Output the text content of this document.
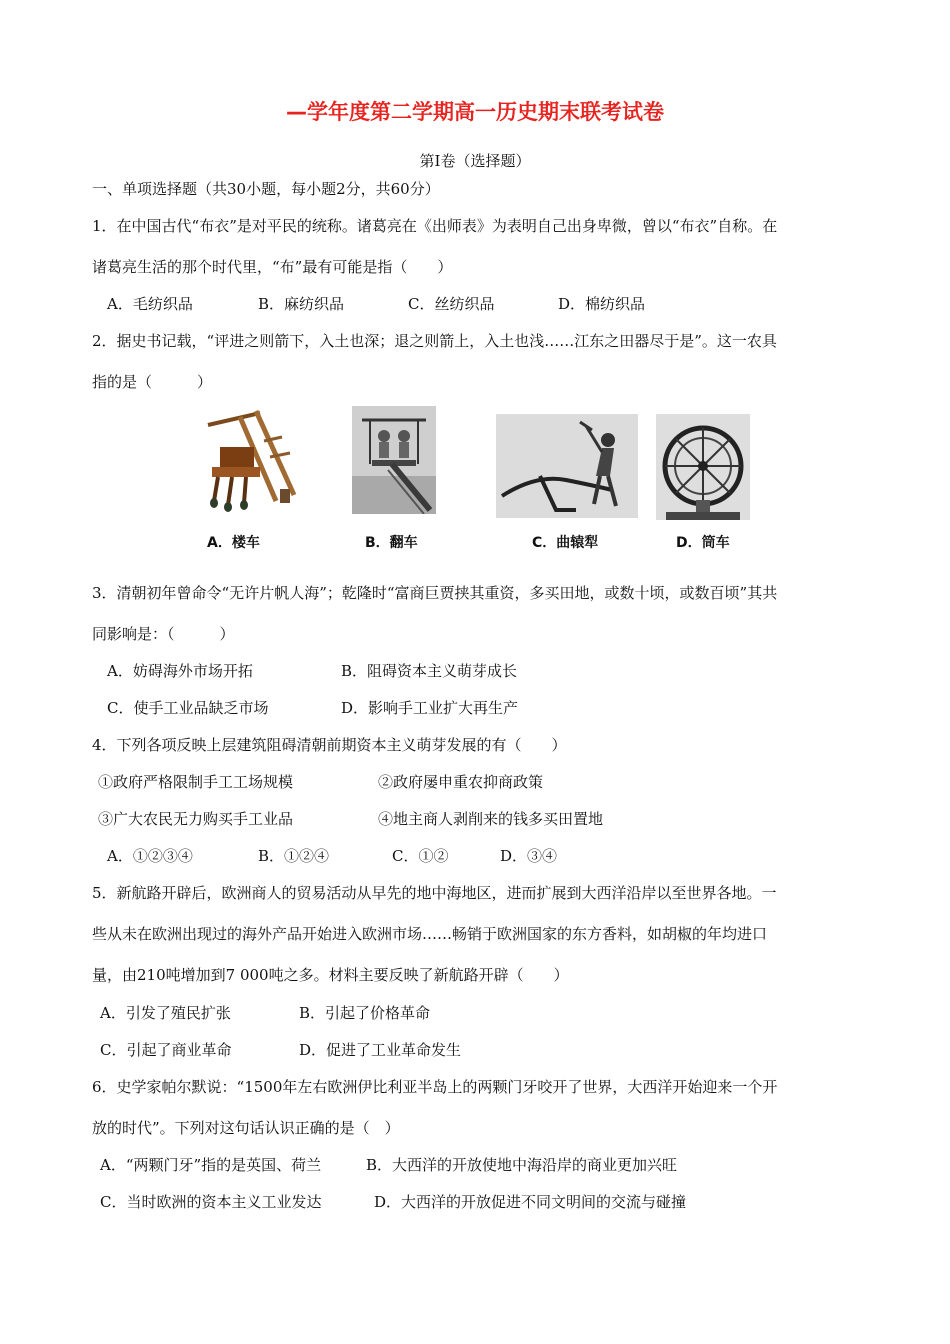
—学年度第二学期高一历史期末联考试卷
第Ⅰ卷（选择题）
一、单项选择题（共30小题，每小题2分，共60分）
1．在中国古代“布衣”是对平民的统称。诸葛亮在《出师表》为表明自己出身卑微，曾以“布衣”自称。在
诸葛亮生活的那个时代里，“布”最有可能是指（　　）
A．毛纺织品	B．麻纺织品	C．丝纺织品	D．棉纺织品
2．据史书记载，“评进之则箭下，入土也深；退之则箭上，入土也浅……江东之田器尽于是”。这一农具
指的是（　　　）
A．楼车	B．翻车	C．曲辕犁	D．筒车
3．清朝初年曾命令“无许片帆人海”；乾隆时“富商巨贾挟其重资，多买田地，或数十顷，或数百顷”其共
同影响是：（　　　）
A．妨碍海外市场开拓	B．阻碍资本主义萌芽成长
C．使手工业品缺乏市场	D．影响手工业扩大再生产
4．下列各项反映上层建筑阻碍清朝前期资本主义萌芽发展的有（　　）
①政府严格限制手工工场规模	②政府屡申重农抑商政策
③广大农民无力购买手工业品	④地主商人剥削来的钱多买田置地
A．①②③④	B．①②④	C．①②	D．③④
5．新航路开辟后，欧洲商人的贸易活动从早先的地中海地区，进而扩展到大西洋沿岸以至世界各地。一
些从未在欧洲出现过的海外产品开始进入欧洲市场……畅销于欧洲国家的东方香料，如胡椒的年均进口
量，由210吨增加到7 000吨之多。材料主要反映了新航路开辟（　　）
A．引发了殖民扩张	B．引起了价格革命
C．引起了商业革命	D．促进了工业革命发生
6．史学家帕尔默说：“1500年左右欧洲伊比利亚半岛上的两颗门牙咬开了世界，大西洋开始迎来一个开
放的时代”。下列对这句话认识正确的是（　）
A．“两颗门牙”指的是英国、荷兰	B．大西洋的开放使地中海沿岸的商业更加兴旺
C．当时欧洲的资本主义工业发达	D．大西洋的开放促进不同文明间的交流与碰撞
